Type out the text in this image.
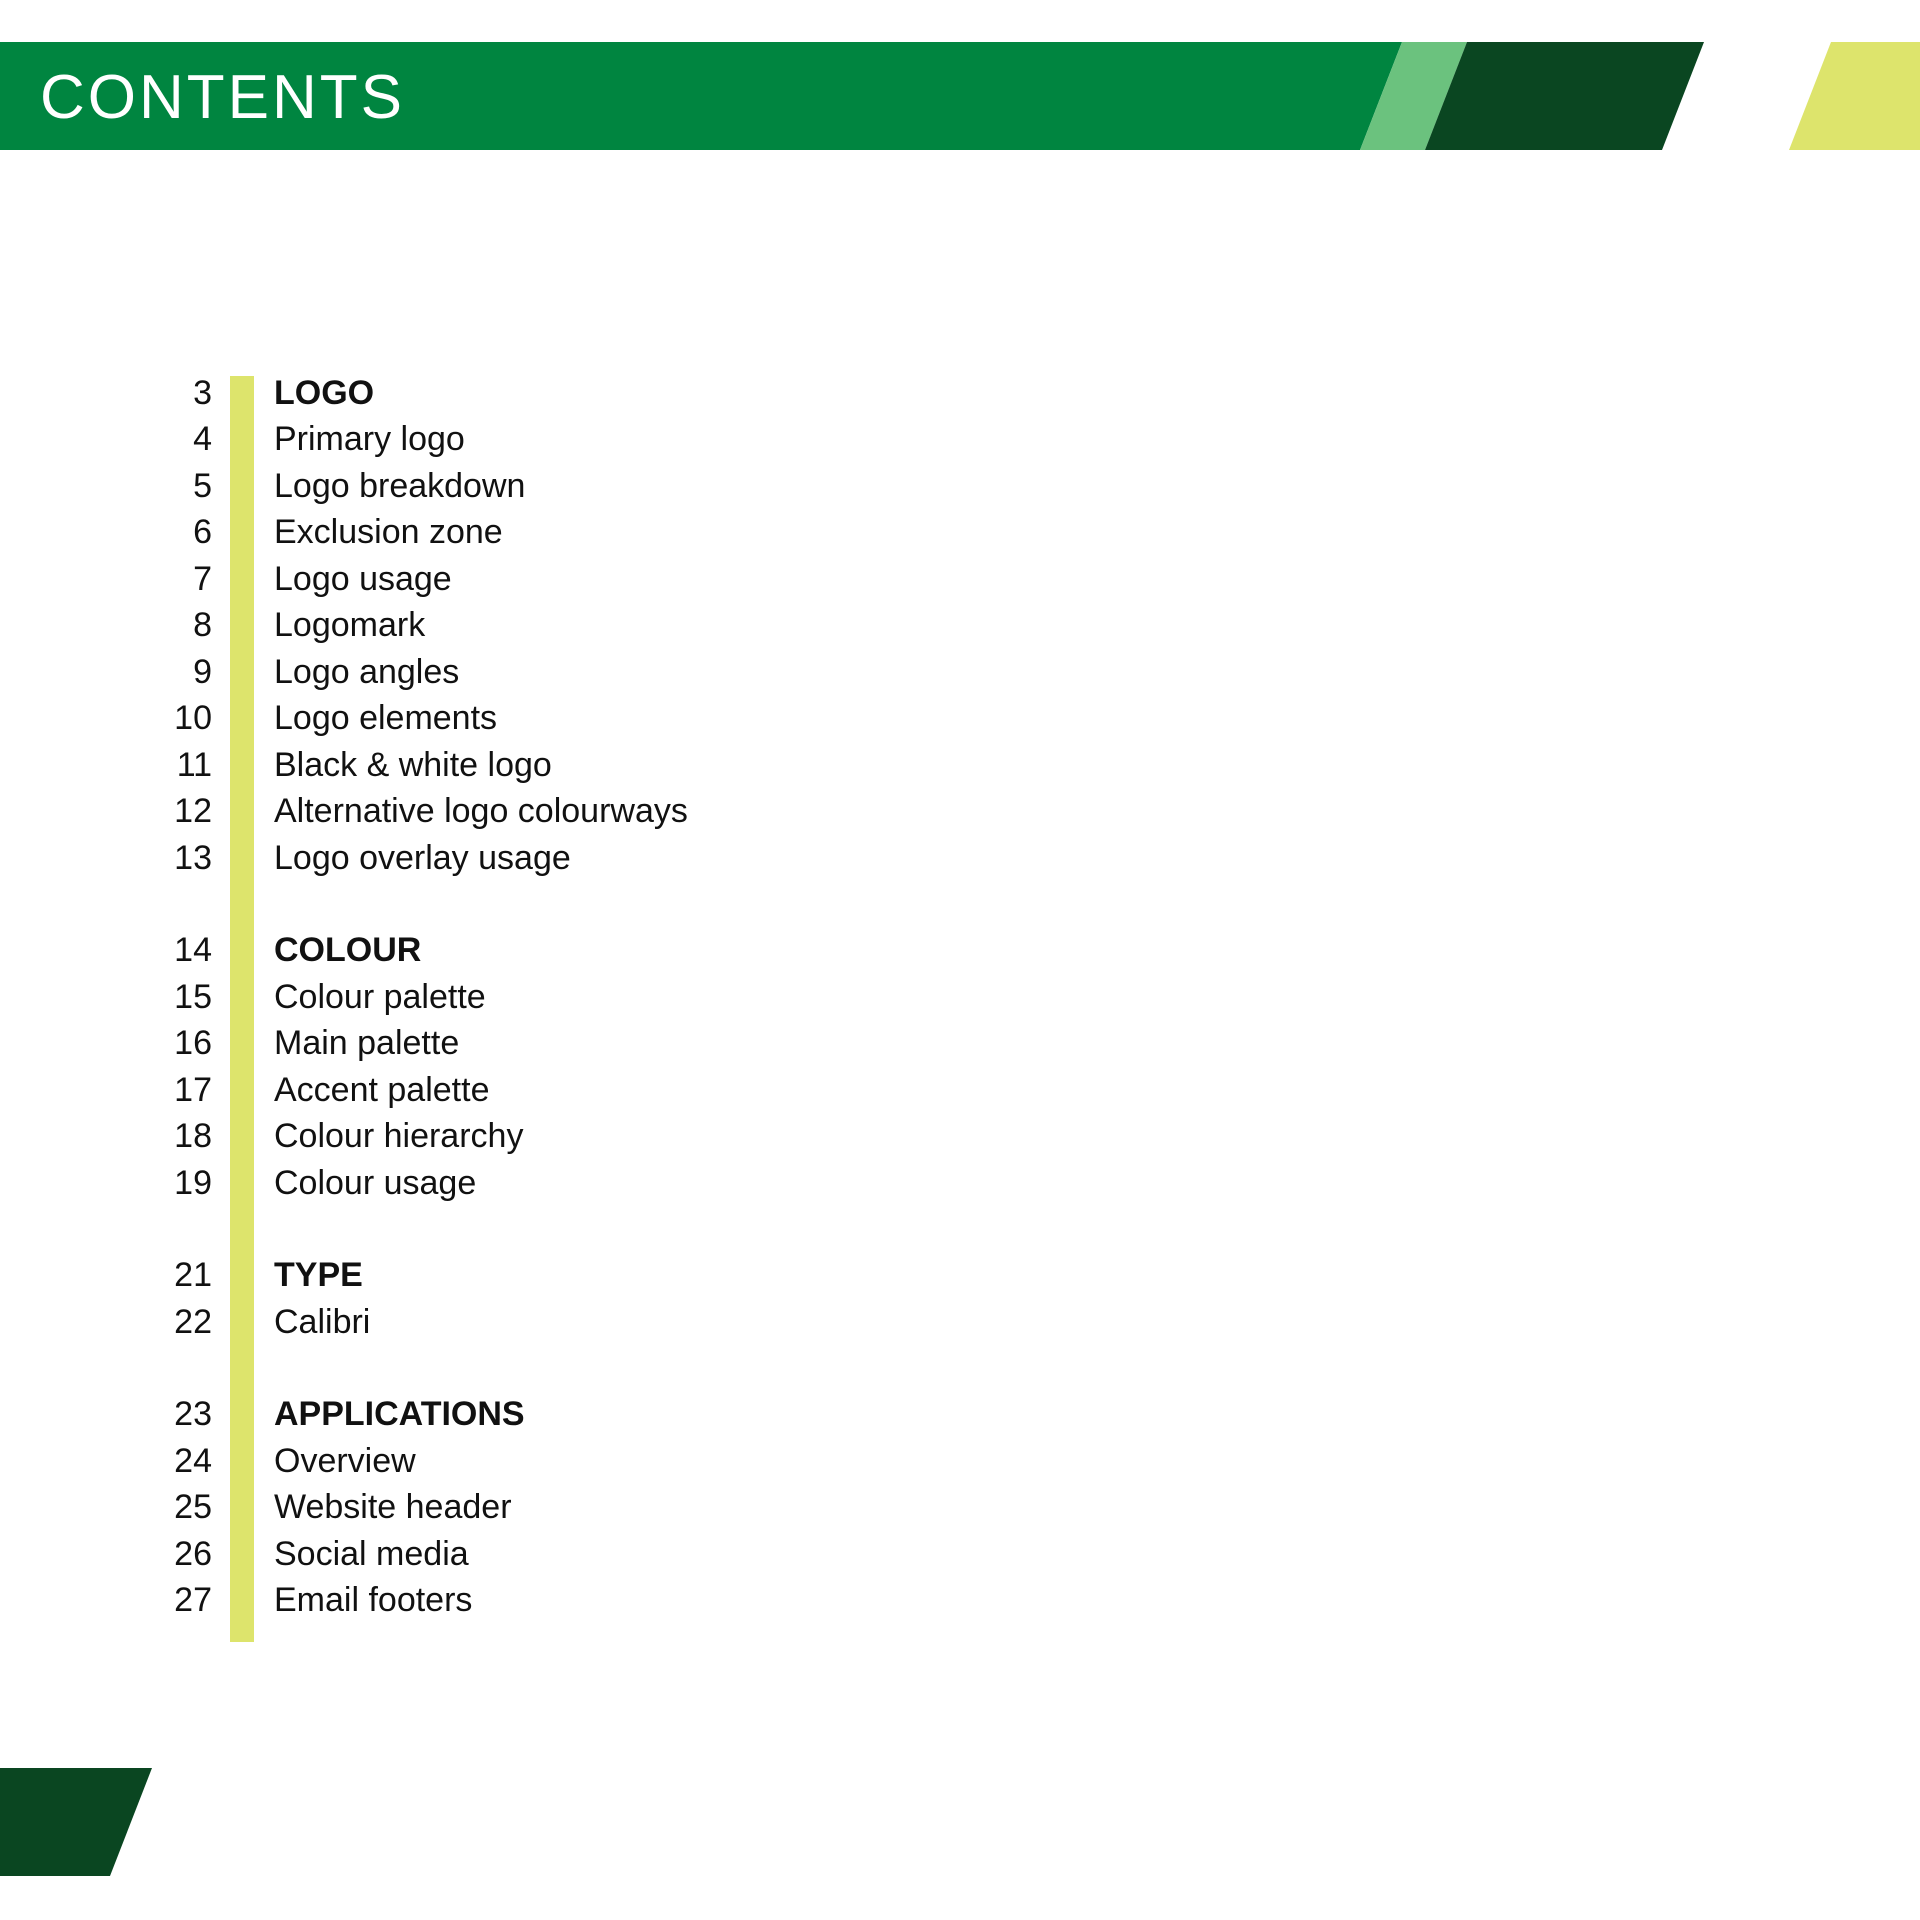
CONTENTS
3 LOGO
4 Primary logo
5 Logo breakdown
6 Exclusion zone
7 Logo usage
8 Logomark
9 Logo angles
10 Logo elements
11 Black & white logo
12 Alternative logo colourways
13 Logo overlay usage
14 COLOUR
15 Colour palette
16 Main palette
17 Accent palette
18 Colour hierarchy
19 Colour usage
21 TYPE
22 Calibri
23 APPLICATIONS
24 Overview
25 Website header
26 Social media
27 Email footers
